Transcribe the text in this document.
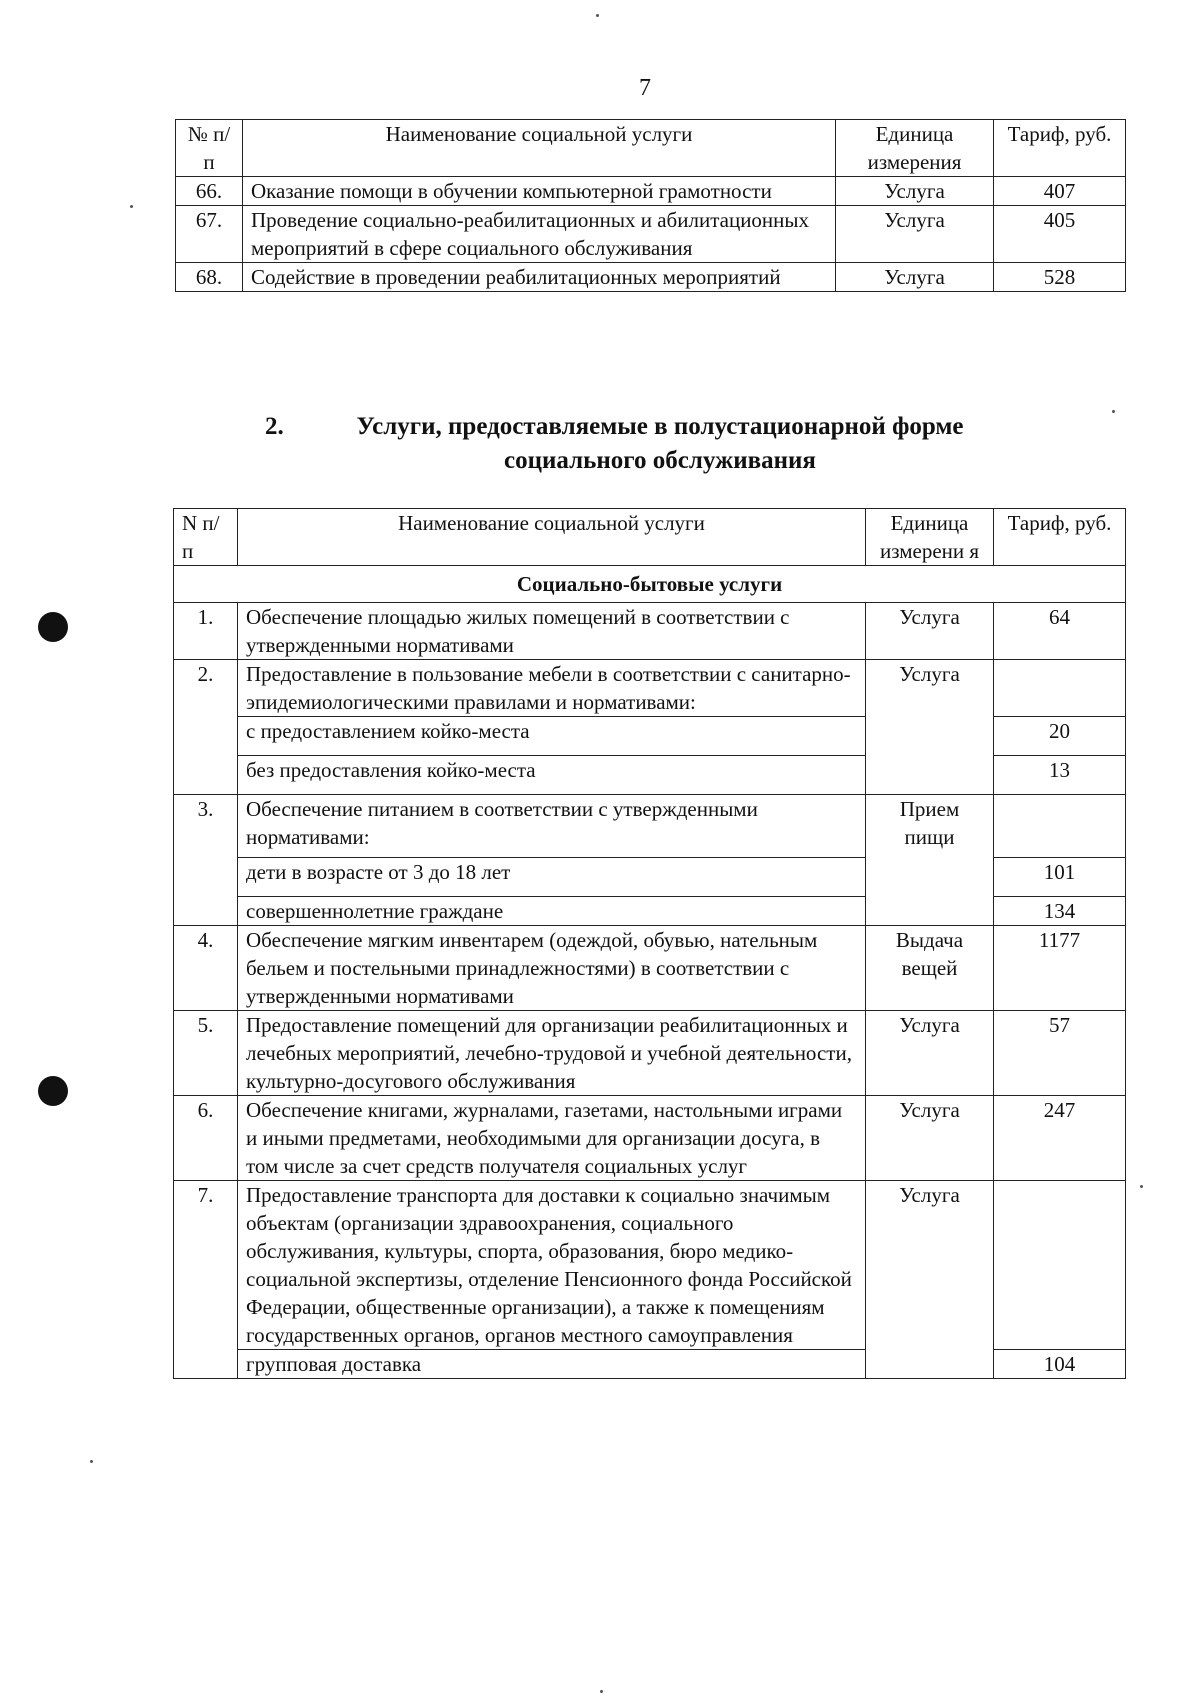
7
№ п/п	Наименование социальной услуги	Единица измерения	Тариф, руб.
66.	Оказание помощи в обучении компьютерной грамотности	Услуга	407
67.	Проведение социально-реабилитационных и абилитационных мероприятий в сфере социального обслуживания	Услуга	405
68.	Содействие в проведении реабилитационных мероприятий	Услуга	528
2.	Услуги, предоставляемые в полустационарной форме социального обслуживания
N п/п	Наименование социальной услуги	Единица измерени я	Тариф, руб.
Социально-бытовые услуги			
1.	Обеспечение площадью жилых помещений в соответствии с утвержденными нормативами	Услуга	64
2.	Предоставление в пользование мебели в соответствии с санитарно-эпидемиологическими правилами и нормативами:	Услуга	
	с предоставлением койко-места		20
	без предоставления койко-места		13
3.	Обеспечение питанием в соответствии с утвержденными нормативами:	Прием пищи	
	дети в возрасте от 3 до 18 лет		101
	совершеннолетние граждане		134
4.	Обеспечение мягким инвентарем (одеждой, обувью, нательным бельем и постельными принадлежностями) в соответствии с утвержденными нормативами	Выдача вещей	1177
5.	Предоставление помещений для организации реабилитационных и лечебных мероприятий, лечебно-трудовой и учебной деятельности, культурно-досугового обслуживания	Услуга	57
6.	Обеспечение книгами, журналами, газетами, настольными играми и иными предметами, необходимыми для организации досуга, в том числе за счет средств получателя социальных услуг	Услуга	247
7.	Предоставление транспорта для доставки к социально значимым объектам (организации здравоохранения, социального обслуживания, культуры, спорта, образования, бюро медико-социальной экспертизы, отделение Пенсионного фонда Российской Федерации, общественные организации), а также к помещениям государственных органов, органов местного самоуправления	Услуга	
	групповая доставка		104
